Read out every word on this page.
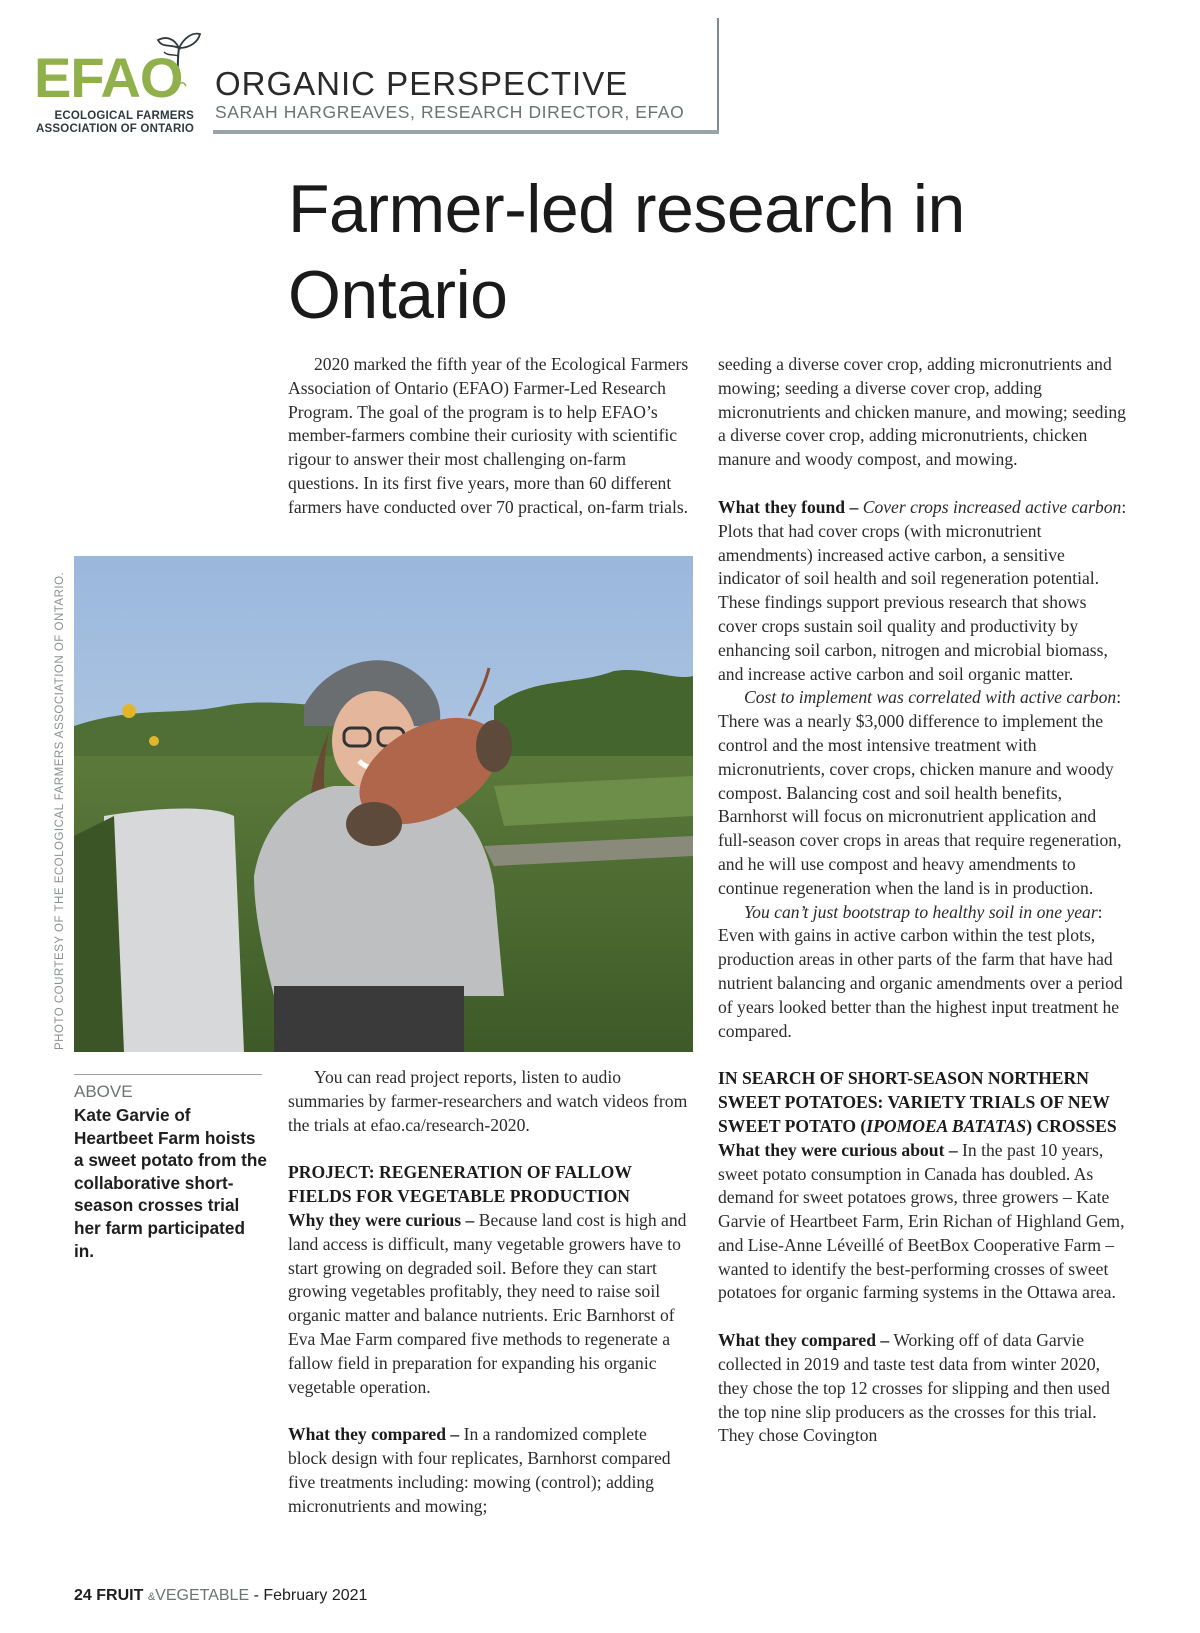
EFAO
ECOLOGICAL FARMERS
ASSOCIATION OF ONTARIO
ORGANIC PERSPECTIVE
SARAH HARGREAVES, RESEARCH DIRECTOR, EFAO
Farmer-led research in Ontario

2020 marked the fifth year of the Ecological Farmers Association of Ontario (EFAO) Farmer-Led Research Program. The goal of the program is to help EFAO’s member-farmers combine their curiosity with scientific rigour to answer their most challenging on-farm questions. In its first five years, more than 60 different farmers have conducted over 70 practical, on-farm trials.

PHOTO COURTESY OF THE ECOLOGICAL FARMERS ASSOCIATION OF ONTARIO.
ABOVE
Kate Garvie of Heartbeet Farm hoists a sweet potato from the collaborative short-season crosses trial her farm participated in.

You can read project reports, listen to audio summaries by farmer-researchers and watch videos from the trials at efao.ca/research-2020.

PROJECT: REGENERATION OF FALLOW FIELDS FOR VEGETABLE PRODUCTION

Why they were curious – Because land cost is high and land access is difficult, many vegetable growers have to start growing on degraded soil. Before they can start growing vegetables profitably, they need to raise soil organic matter and balance nutrients. Eric Barnhorst of Eva Mae Farm compared five methods to regenerate a fallow field in preparation for expanding his organic vegetable operation.

What they compared – In a randomized complete block design with four replicates, Barnhorst compared five treatments including: mowing (control); adding micronutrients and mowing;

seeding a diverse cover crop, adding micronutrients and mowing; seeding a diverse cover crop, adding micronutrients and chicken manure, and mowing; seeding a diverse cover crop, adding micronutrients, chicken manure and woody compost, and mowing.

What they found – Cover crops increased active carbon: Plots that had cover crops (with micronutrient amendments) increased active carbon, a sensitive indicator of soil health and soil regeneration potential. These findings support previous research that shows cover crops sustain soil quality and productivity by enhancing soil carbon, nitrogen and microbial biomass, and increase active carbon and soil organic matter.

Cost to implement was correlated with active carbon: There was a nearly $3,000 difference to implement the control and the most intensive treatment with micronutrients, cover crops, chicken manure and woody compost. Balancing cost and soil health benefits, Barnhorst will focus on micronutrient application and full-season cover crops in areas that require regeneration, and he will use compost and heavy amendments to continue regeneration when the land is in production.

You can’t just bootstrap to healthy soil in one year: Even with gains in active carbon within the test plots, production areas in other parts of the farm that have had nutrient balancing and organic amendments over a period of years looked better than the highest input treatment he compared.

IN SEARCH OF SHORT-SEASON NORTHERN SWEET POTATOES: VARIETY TRIALS OF NEW SWEET POTATO (IPOMOEA BATATAS) CROSSES

What they were curious about – In the past 10 years, sweet potato consumption in Canada has doubled. As demand for sweet potatoes grows, three growers – Kate Garvie of Heartbeet Farm, Erin Richan of Highland Gem, and Lise-Anne Léveillé of BeetBox Cooperative Farm – wanted to identify the best-performing crosses of sweet potatoes for organic farming systems in the Ottawa area.

What they compared – Working off of data Garvie collected in 2019 and taste test data from winter 2020, they chose the top 12 crosses for slipping and then used the top nine slip producers as the crosses for this trial. They chose Covington

24 FRUIT &VEGETABLE - February 2021
